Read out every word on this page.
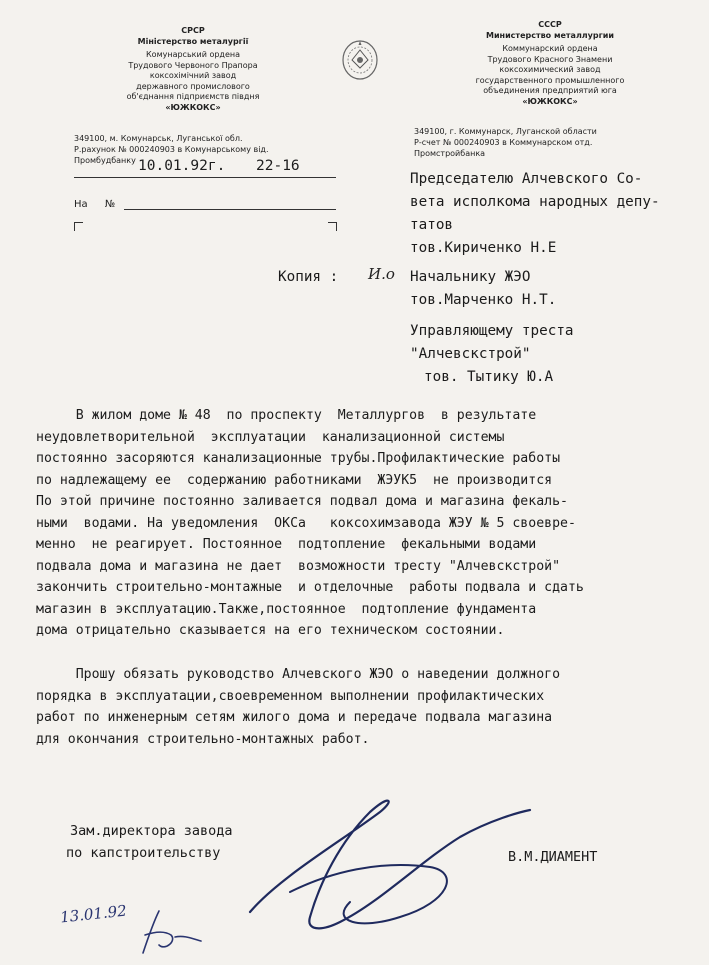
СРСР
Міністерство металургії
Комунарський ордена
Трудового Червоного Прапора
коксохімічний завод
державного промислового
об'єднання підприємств півдня
«ЮЖКОКС»
349100, м. Комунарськ, Луганської обл.
Р.рахунок № 000240903 в Комунарському від.
Промбудбанку
СССР
Министерство металлургии
Коммунарский ордена
Трудового Красного Знамени
коксохимический завод
государственного промышленного
объединения предприятий юга
«ЮЖКОКС»
349100, г. Коммунарск, Луганской области
Р-счет № 000240903 в Коммунарском отд.
Промстройбанка
10.01.92г. 22-16
На №
Председателю Алчевского Со-
вета исполкома народных депу-
татов
тов.Кириченко Н.Е
Копия : И.о Начальнику ЖЭО
тов.Марченко Н.Т.
Управляющему треста
"Алчевскстрой"
тов. Тытику Ю.А
В жилом доме № 48  по проспекту  Металлургов  в результате
неудовлетворительной  эксплуатации  канализационной системы
постоянно засоряются канализационные трубы.Профилактические работы
по надлежащему ее  содержанию работниками  ЖЭУК5  не производится
По этой причине постоянно заливается подвал дома и магазина фекаль-
ными  водами. На уведомления  ОКСа   коксохимзавода ЖЭУ № 5 своевре-
менно  не реагирует. Постоянное  подтопление  фекальными водами
подвала дома и магазина не дает  возможности тресту "Алчевскстрой"
закончить строительно-монтажные  и отделочные  работы подвала и сдать
магазин в эксплуатацию.Также,постоянное  подтопление фундамента
дома отрицательно сказывается на его техническом состоянии.
Прошу обязать руководство Алчевского ЖЭО о наведении должного
порядка в эксплуатации,своевременном выполнении профилактических
работ по инженерным сетям жилого дома и передаче подвала магазина
для окончания строительно-монтажных работ.
Зам.директора завода
по капстроительству	В.М.ДИАМЕНТ
13.01.92
